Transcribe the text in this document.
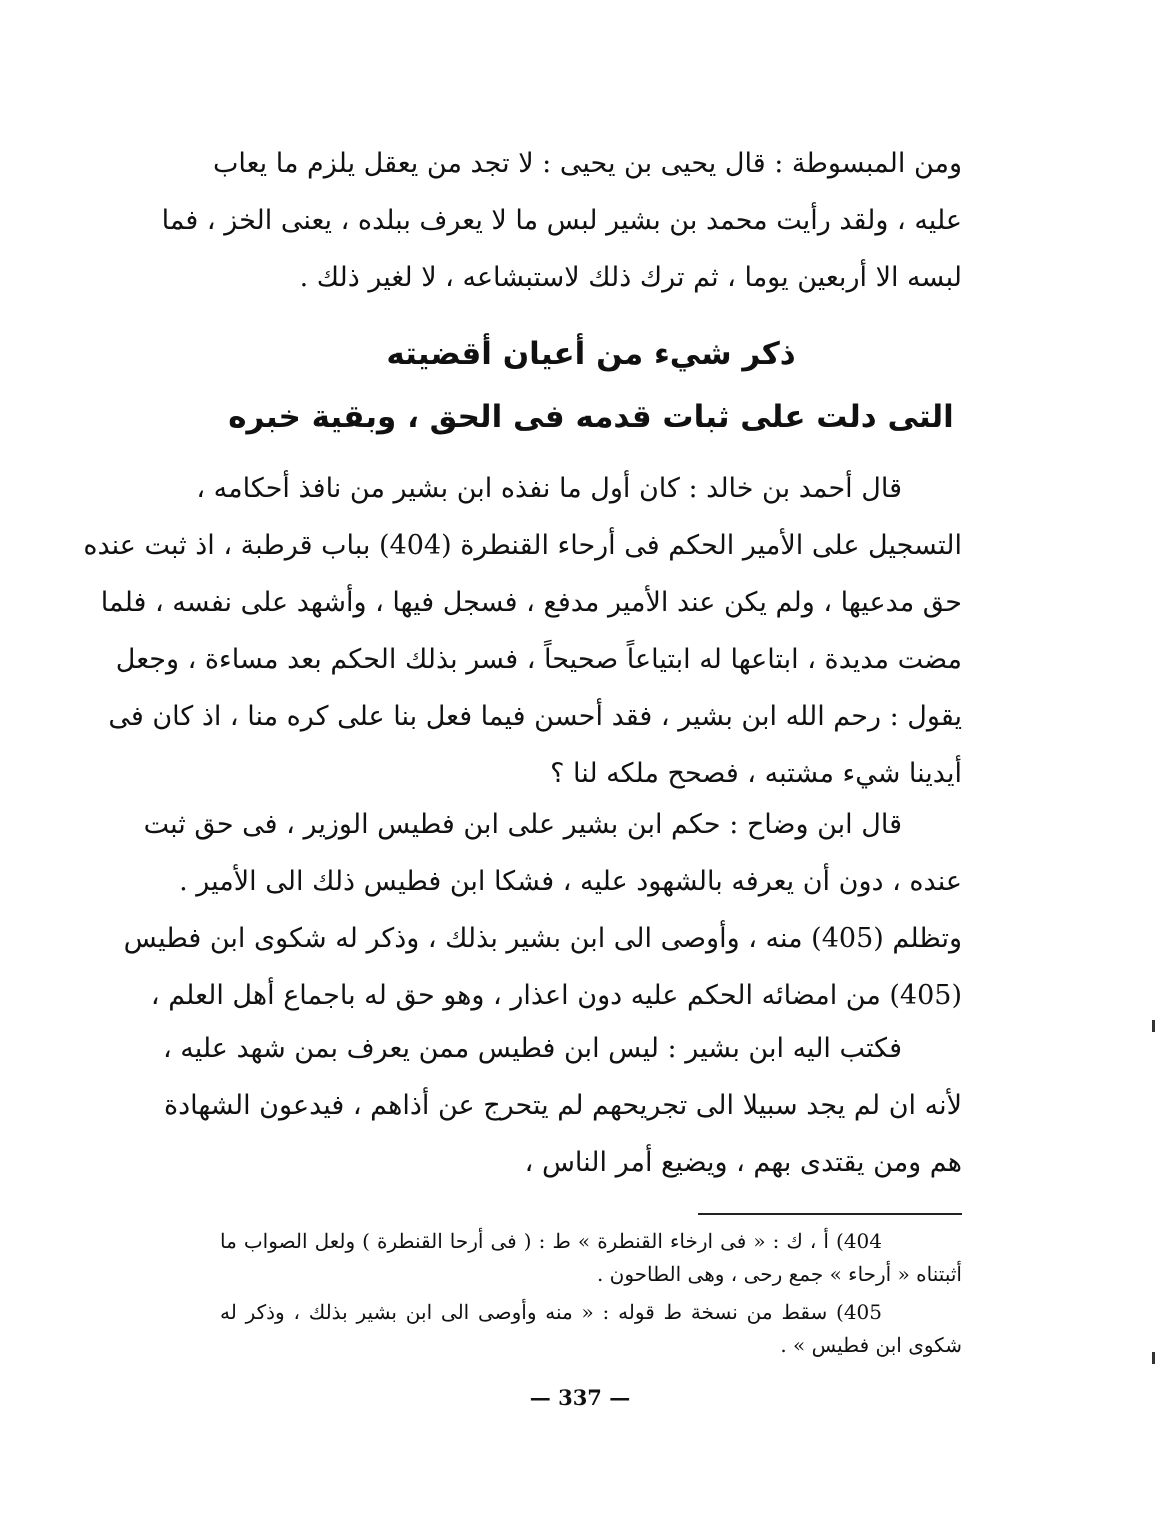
ومن المبسوطة : قال يحيى بن يحيى : لا تجد من يعقل يلزم ما يعاب
عليه ، ولقد رأيت محمد بن بشير لبس ما لا يعرف ببلده ، يعنى الخز ، فما
لبسه الا أربعين يوما ، ثم ترك ذلك لاستبشاعه ، لا لغير ذلك .
ذكر شيء من أعيان أقضيته
التى دلت على ثبات قدمه فى الحق ، وبقية خبره
قال أحمد بن خالد : كان أول ما نفذه ابن بشير من نافذ أحكامه ،
التسجيل على الأمير الحكم فى أرحاء القنطرة (404) بباب قرطبة ، اذ ثبت عنده
حق مدعيها ، ولم يكن عند الأمير مدفع ، فسجل فيها ، وأشهد على نفسه ، فلما
مضت مديدة ، ابتاعها له ابتياعاً صحيحاً ، فسر بذلك الحكم بعد مساءة ، وجعل
يقول : رحم الله ابن بشير ، فقد أحسن فيما فعل بنا على كره منا ، اذ كان فى
أيدينا شيء مشتبه ، فصحح ملكه لنا ؟
قال ابن وضاح : حكم ابن بشير على ابن فطيس الوزير ، فى حق ثبت
عنده ، دون أن يعرفه بالشهود عليه ، فشكا ابن فطيس ذلك الى الأمير .
وتظلم (405) منه ، وأوصى الى ابن بشير بذلك ، وذكر له شكوى ابن فطيس
(405) من امضائه الحكم عليه دون اعذار ، وهو حق له باجماع أهل العلم ،
فكتب اليه ابن بشير : ليس ابن فطيس ممن يعرف بمن شهد عليه ،
لأنه ان لم يجد سبيلا الى تجريحهم لم يتحرج عن أذاهم ، فيدعون الشهادة
هم ومن يقتدى بهم ، ويضيع أمر الناس ،
404) أ ، ك : « فى ارخاء القنطرة » ط : ( فى أرحا القنطرة ) ولعل الصواب ما
أثبتناه « أرحاء » جمع رحى ، وهى الطاحون .
405) سقط من نسخة ط قوله : « منه وأوصى الى ابن بشير بذلك ، وذكر له
شكوى ابن فطيس » .
— 337 —
